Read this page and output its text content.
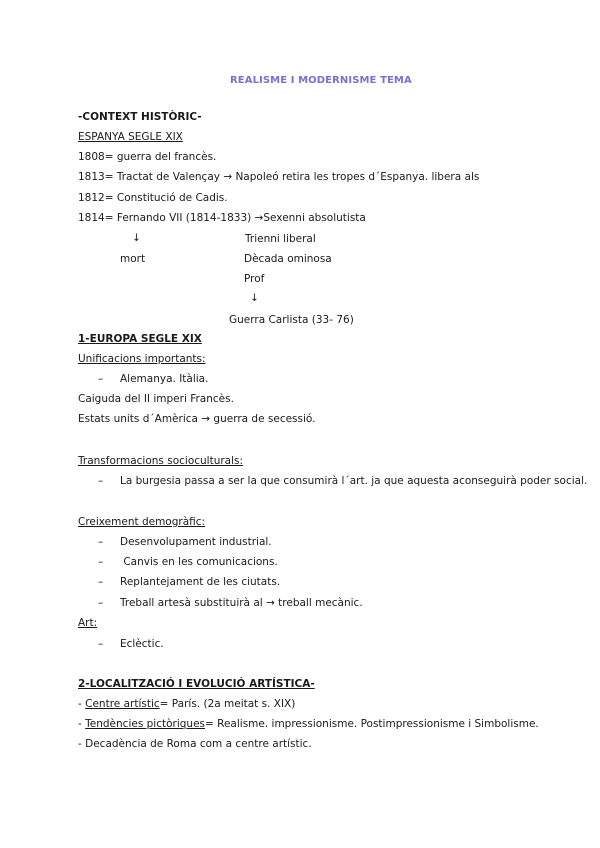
REALISME I MODERNISME TEMA
-CONTEXT HISTÒRIC-
ESPANYA SEGLE XIX
1808= guerra del francès.
1813= Tractat de Valençay → Napoleó retira les tropes d´Espanya. libera als
1812= Constitució de Cadis.
1814= Fernando VII (1814-1833) →Sexenni absolutista
↓	Trienni liberal
mort	Dècada ominosa
Prof
↓
Guerra Carlista (33- 76)
1-EUROPA SEGLE XIX
Unificacions importants:
– Alemanya. Itàlia.
Caiguda del II imperi Francès.
Estats units d´Amèrica → guerra de secessió.
Transformacions socioculturals:
– La burgesia passa a ser la que consumirà l´art. ja que aquesta aconseguirà poder social.
Creixement demogràfic:
– Desenvolupament industrial.
– Canvis en les comunicacions.
– Replantejament de les ciutats.
– Treball artesà substituirà al → treball mecànic.
Art:
– Eclèctic.
2-LOCALITZACIÓ I EVOLUCIÓ ARTÍSTICA-
- Centre artístic= París. (2a meitat s. XIX)
- Tendències pictòriques= Realisme. impressionisme. Postimpressionisme i Simbolisme.
- Decadència de Roma com a centre artístic.
